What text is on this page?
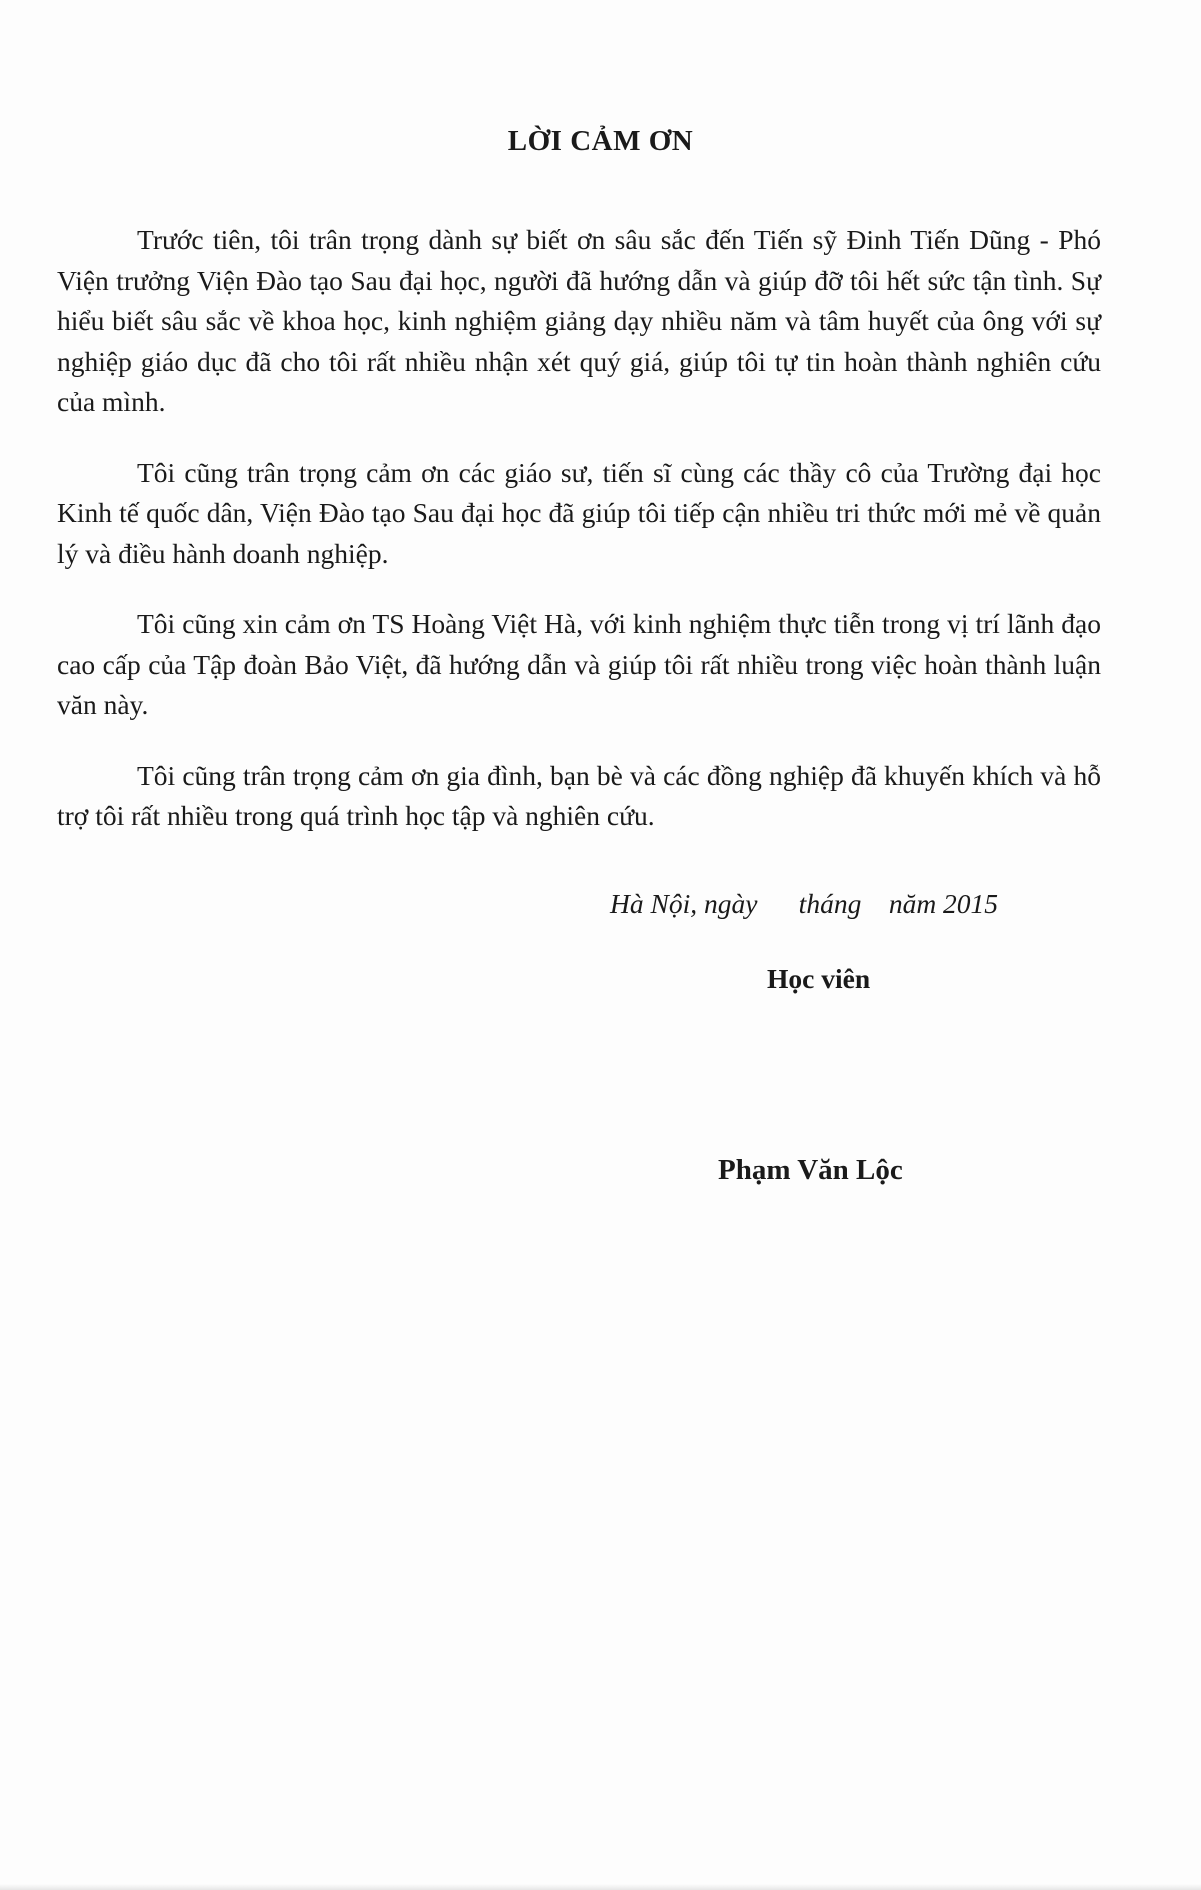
LỜI CẢM ƠN

Trước tiên, tôi trân trọng dành sự biết ơn sâu sắc đến Tiến sỹ Đinh Tiến Dũng - Phó Viện trưởng Viện Đào tạo Sau đại học, người đã hướng dẫn và giúp đỡ tôi hết sức tận tình. Sự hiểu biết sâu sắc về khoa học, kinh nghiệm giảng dạy nhiều năm và tâm huyết của ông với sự nghiệp giáo dục đã cho tôi rất nhiều nhận xét quý giá, giúp tôi tự tin hoàn thành nghiên cứu của mình.

Tôi cũng trân trọng cảm ơn các giáo sư, tiến sĩ cùng các thầy cô của Trường đại học Kinh tế quốc dân, Viện Đào tạo Sau đại học đã giúp tôi tiếp cận nhiều tri thức mới mẻ về quản lý và điều hành doanh nghiệp.

Tôi cũng xin cảm ơn TS Hoàng Việt Hà, với kinh nghiệm thực tiễn trong vị trí lãnh đạo cao cấp của Tập đoàn Bảo Việt, đã hướng dẫn và giúp tôi rất nhiều trong việc hoàn thành luận văn này.

Tôi cũng trân trọng cảm ơn gia đình, bạn bè và các đồng nghiệp đã khuyến khích và hỗ trợ tôi rất nhiều trong quá trình học tập và nghiên cứu.

Hà Nội, ngày      tháng    năm 2015

Học viên

Phạm Văn Lộc
